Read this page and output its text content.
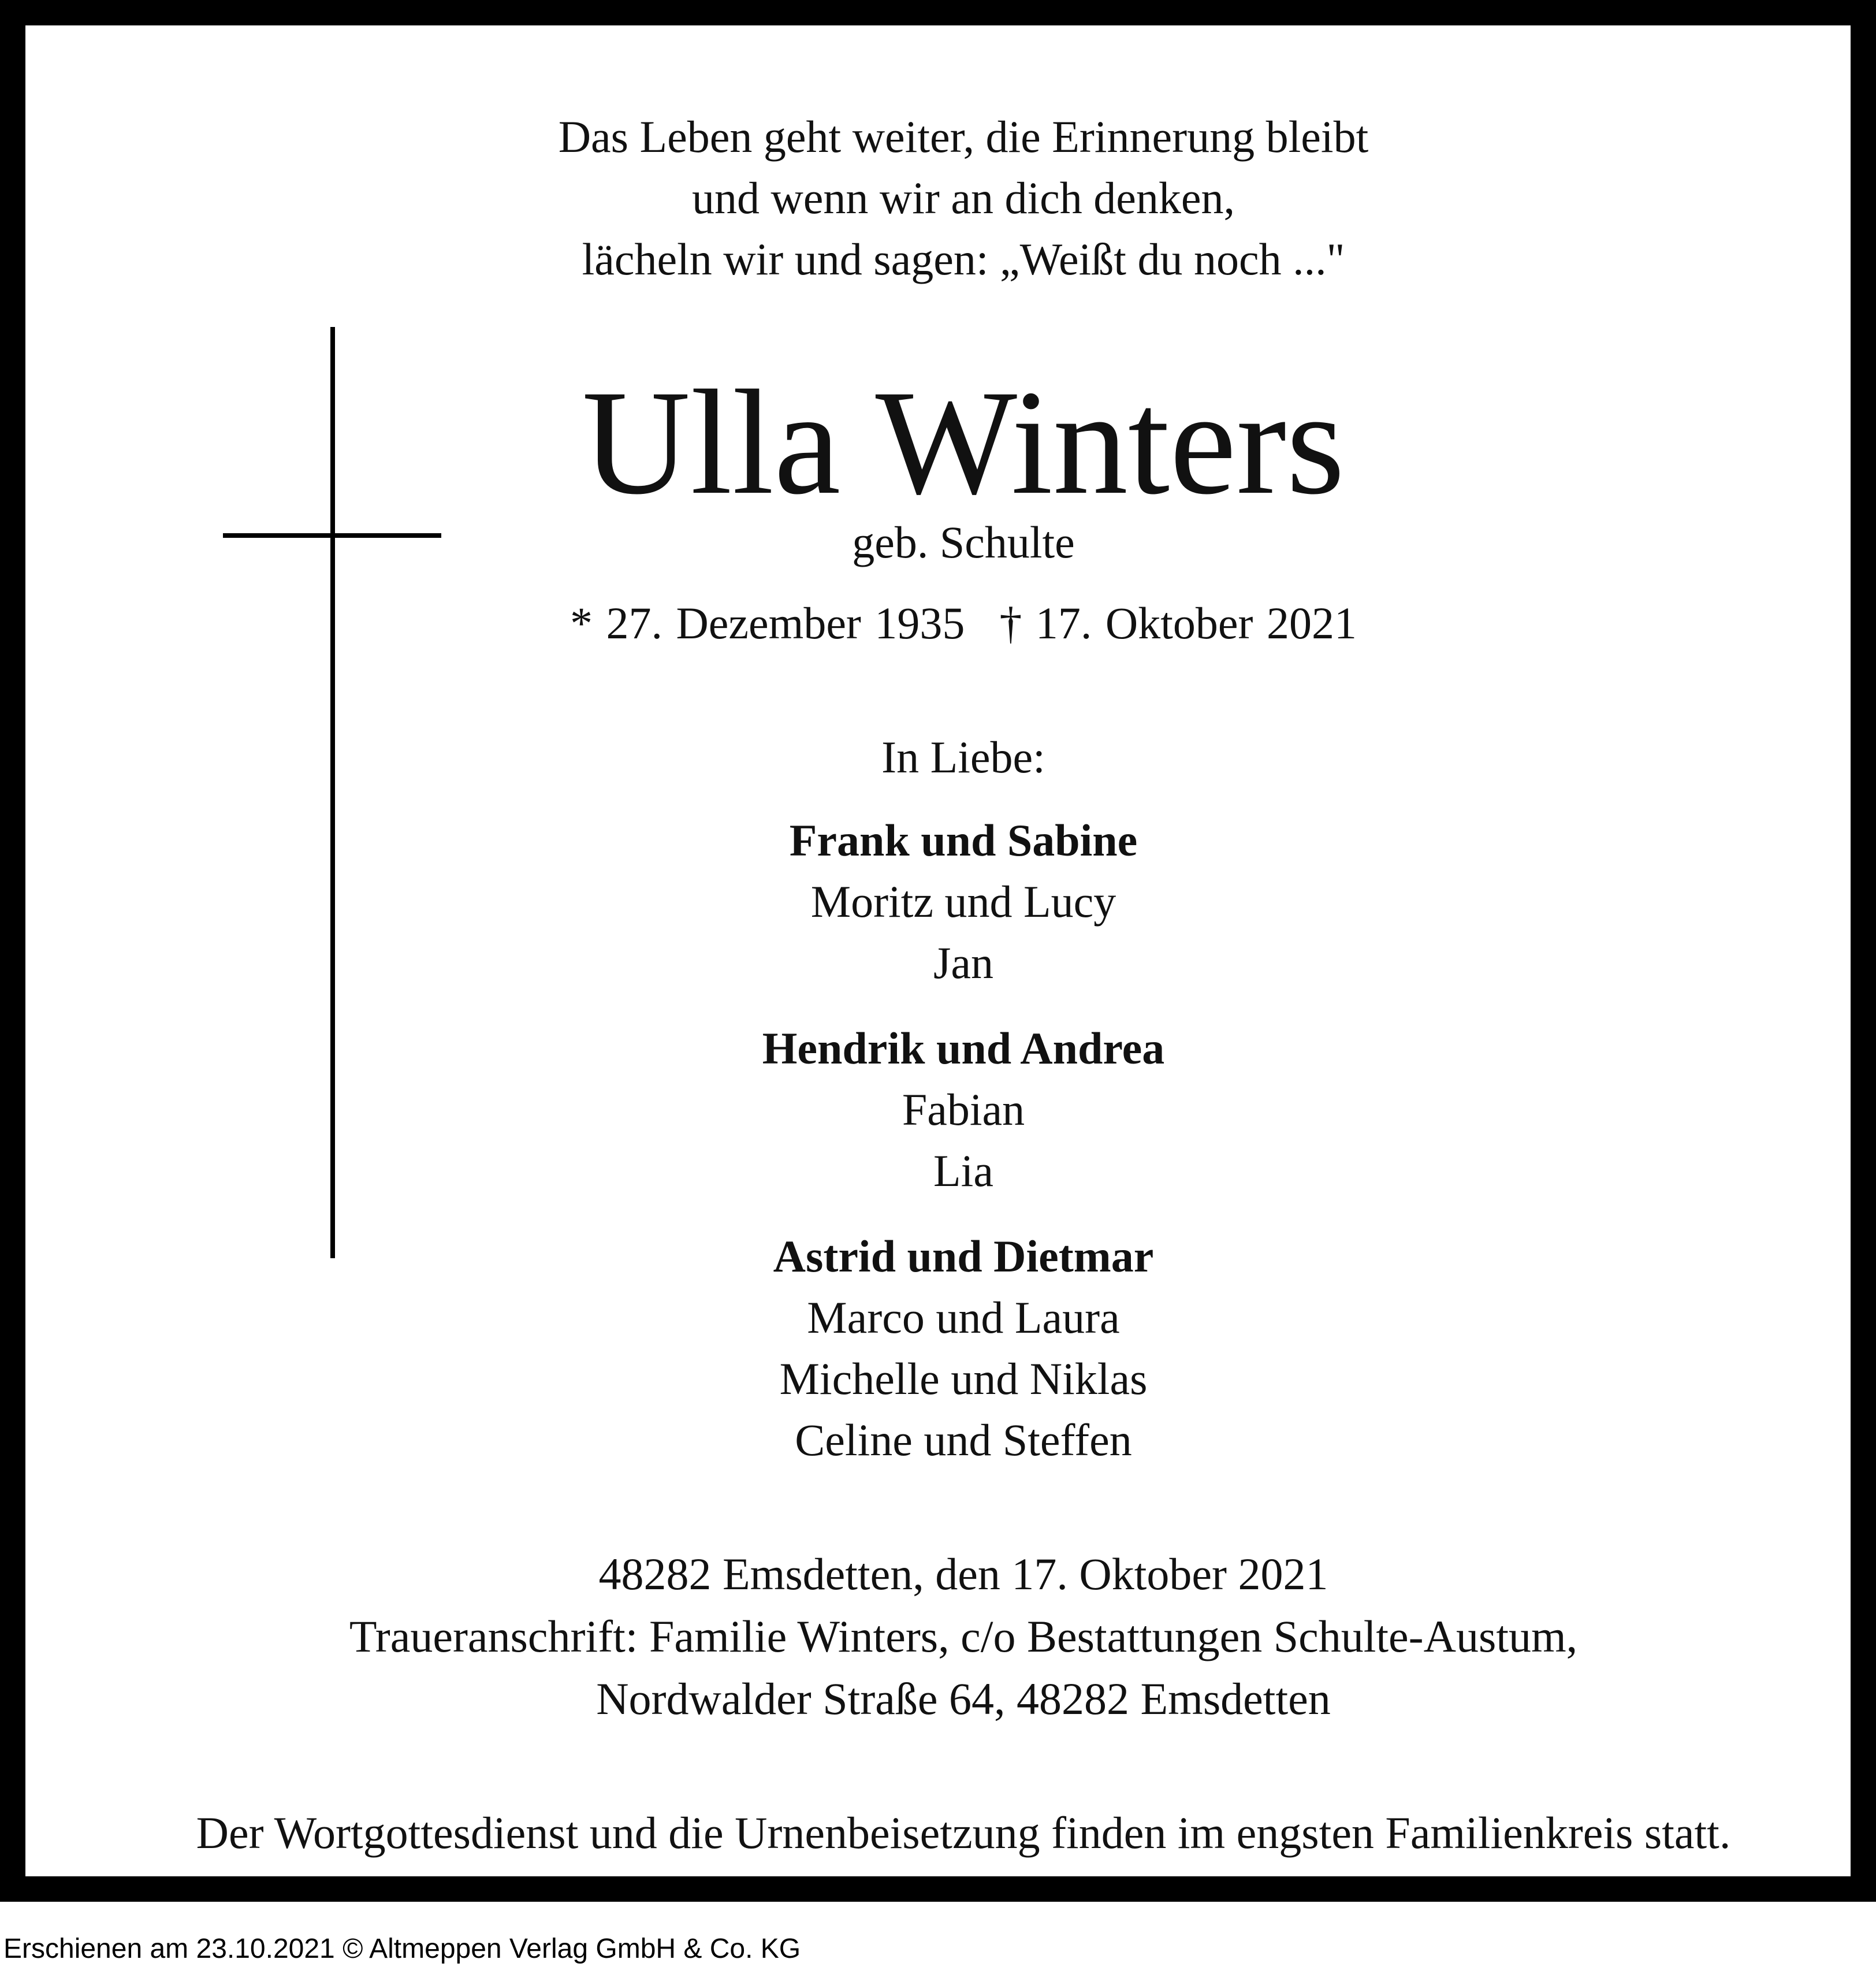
Das Leben geht weiter, die Erinnerung bleibt
und wenn wir an dich denken,
lächeln wir und sagen: „Weißt du noch ..."
Ulla Winters
geb. Schulte
* 27. Dezember 1935 † 17. Oktober 2021
In Liebe:
Frank und Sabine
Moritz und Lucy
Jan
Hendrik und Andrea
Fabian
Lia
Astrid und Dietmar
Marco und Laura
Michelle und Niklas
Celine und Steffen
48282 Emsdetten, den 17. Oktober 2021
Traueranschrift: Familie Winters, c/o Bestattungen Schulte-Austum,
Nordwalder Straße 64, 48282 Emsdetten
Der Wortgottesdienst und die Urnenbeisetzung finden im engsten Familienkreis statt.
Erschienen am 23.10.2021 © Altmeppen Verlag GmbH & Co. KG
